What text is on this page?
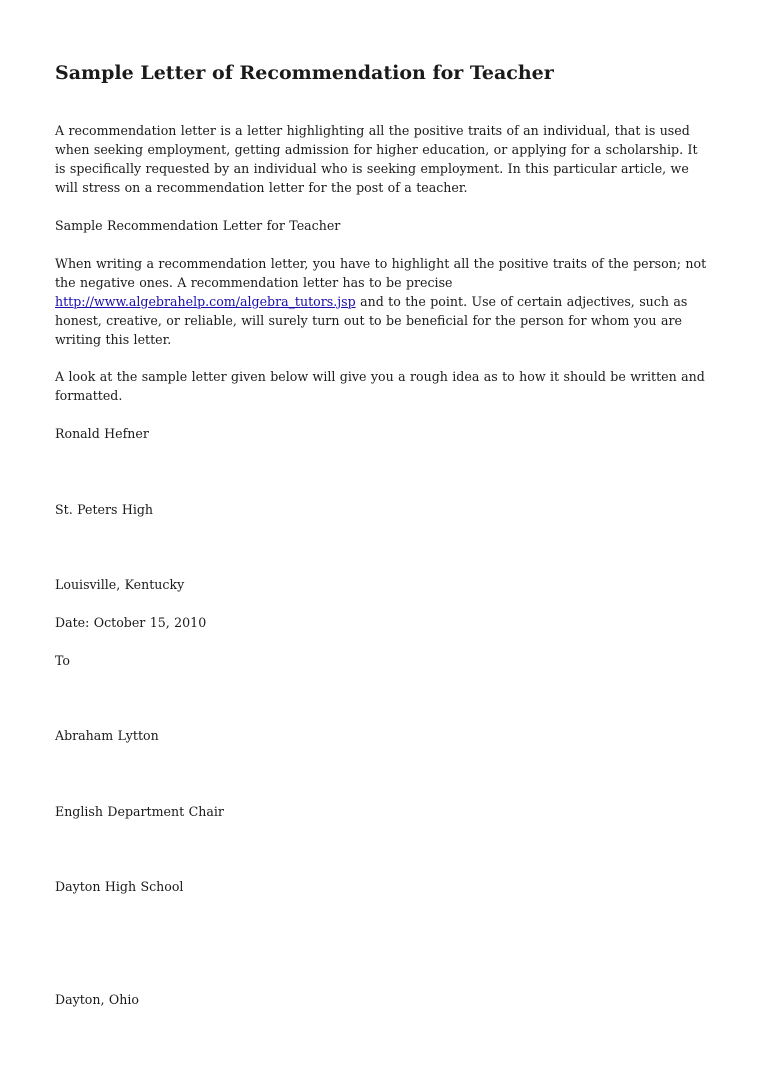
Sample Letter of Recommendation for Teacher

A recommendation letter is a letter highlighting all the positive traits of an individual, that is used
when seeking employment, getting admission for higher education, or applying for a scholarship. It
is specifically requested by an individual who is seeking employment. In this particular article, we
will stress on a recommendation letter for the post of a teacher.

Sample Recommendation Letter for Teacher

When writing a recommendation letter, you have to highlight all the positive traits of the person; not
the negative ones. A recommendation letter has to be precise
http://www.algebrahelp.com/algebra_tutors.jsp and to the point. Use of certain adjectives, such as
honest, creative, or reliable, will surely turn out to be beneficial for the person for whom you are
writing this letter.

A look at the sample letter given below will give you a rough idea as to how it should be written and
formatted.

Ronald Hefner

St. Peters High

Louisville, Kentucky

Date: October 15, 2010

To

Abraham Lytton

English Department Chair

Dayton High School

Dayton, Ohio
